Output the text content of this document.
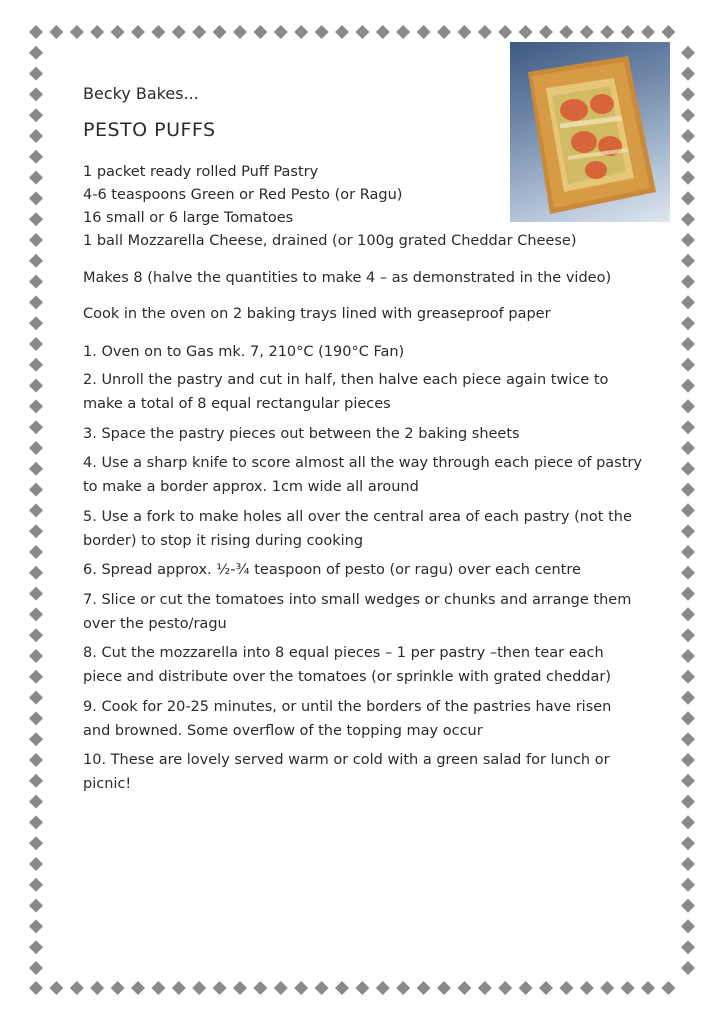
Becky Bakes...

PESTO PUFFS

1 packet ready rolled Puff Pastry

4-6 teaspoons Green or Red Pesto (or Ragu)

16 small or 6 large Tomatoes

1 ball Mozzarella Cheese, drained (or 100g grated Cheddar Cheese)

Makes 8 (halve the quantities to make 4 – as demonstrated in the video)

Cook in the oven on 2 baking trays lined with greaseproof paper

1. Oven on to Gas mk. 7, 210°C (190°C Fan)

2. Unroll the pastry and cut in half, then halve each piece again twice to make a total of 8 equal rectangular pieces

3. Space the pastry pieces out between the 2 baking sheets

4. Use a sharp knife to score almost all the way through each piece of pastry to make a border approx. 1cm wide all around

5. Use a fork to make holes all over the central area of each pastry (not the border) to stop it rising during cooking

6. Spread approx. ½-¾ teaspoon of pesto (or ragu) over each centre

7. Slice or cut the tomatoes into small wedges or chunks and arrange them over the pesto/ragu

8. Cut the mozzarella into 8 equal pieces – 1 per pastry –then tear each piece and distribute over the tomatoes (or sprinkle with grated cheddar)

9. Cook for 20-25 minutes, or until the borders of the pastries have risen and browned. Some overflow of the topping may occur

10. These are lovely served warm or cold with a green salad for lunch or picnic!
